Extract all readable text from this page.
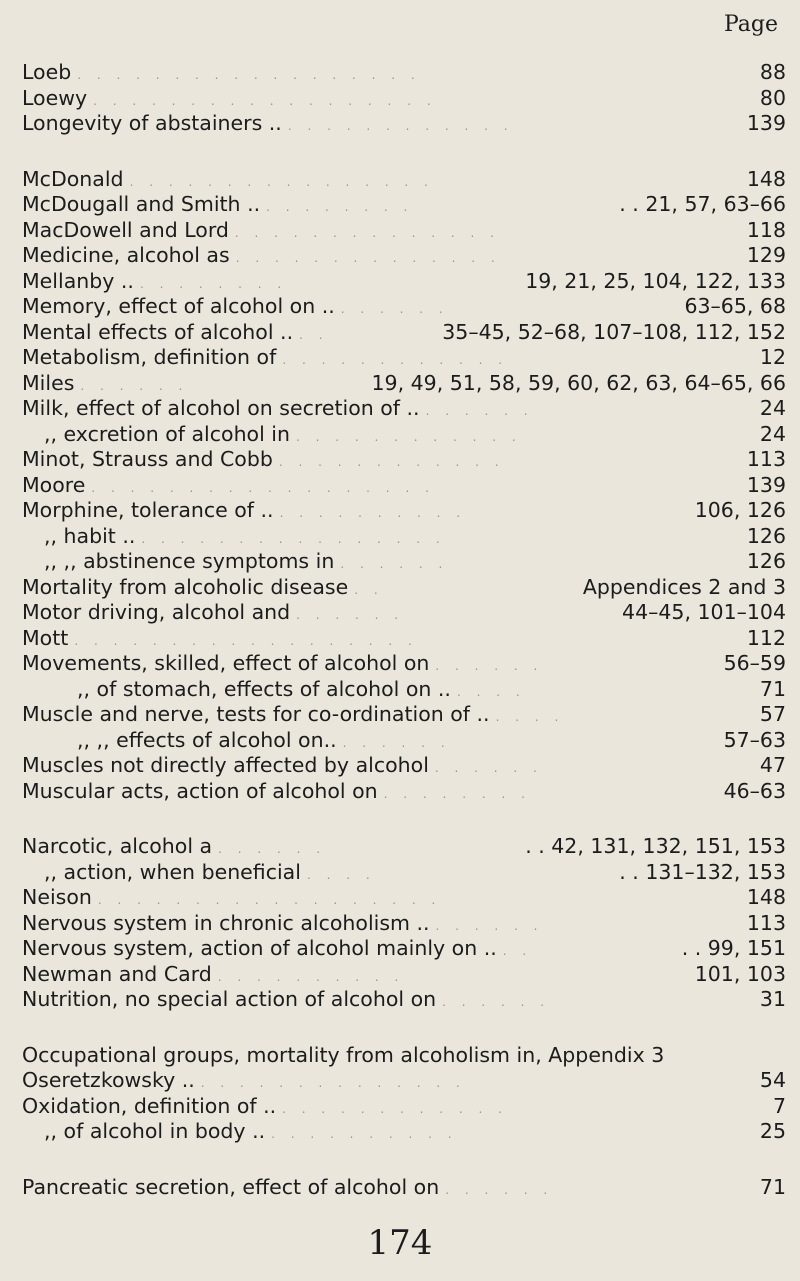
Page
Loeb . . . . . . . . . . . . . . . . . .	88
Loewy . . . . . . . . . . . . . . . . . .	80
Longevity of abstainers .. . . . . . . . . . . . .	139
McDonald . . . . . . . . . . . . . . . .	148
McDougall and Smith .. . . . . . . . .	. . 21, 57, 63–66
MacDowell and Lord . . . . . . . . . . . . . .	118
Medicine, alcohol as . . . . . . . . . . . . . .	129
Mellanby .. . . . . . . . .	19, 21, 25, 104, 122, 133
Memory, effect of alcohol on .. . . . . . .	63–65, 68
Mental effects of alcohol .. . .	35–45, 52–68, 107–108, 112, 152
Metabolism, definition of . . . . . . . . . . . .	12
Miles . . . . . .	19, 49, 51, 58, 59, 60, 62, 63, 64–65, 66
Milk, effect of alcohol on secretion of .. . . . . . .	24
,, excretion of alcohol in . . . . . . . . . . . .	24
Minot, Strauss and Cobb . . . . . . . . . . . .	113
Moore . . . . . . . . . . . . . . . . . .	139
Morphine, tolerance of .. . . . . . . . . . .	106, 126
,, habit .. . . . . . . . . . . . . . . . .	126
,, ,, abstinence symptoms in . . . . . .	126
Mortality from alcoholic disease . .	Appendices 2 and 3
Motor driving, alcohol and . . . . . .	44–45, 101–104
Mott . . . . . . . . . . . . . . . . . .	112
Movements, skilled, effect of alcohol on . . . . . .	56–59
,, of stomach, effects of alcohol on .. . . . .	71
Muscle and nerve, tests for co-ordination of .. . . . .	57
,, ,, effects of alcohol on.. . . . . . .	57–63
Muscles not directly affected by alcohol . . . . . .	47
Muscular acts, action of alcohol on . . . . . . . .	46–63
Narcotic, alcohol a . . . . . .	. . 42, 131, 132, 151, 153
,, action, when beneficial . . . .	. . 131–132, 153
Neison . . . . . . . . . . . . . . . . . .	148
Nervous system in chronic alcoholism .. . . . . . .	113
Nervous system, action of alcohol mainly on .. . .	. . 99, 151
Newman and Card . . . . . . . . . .	101, 103
Nutrition, no special action of alcohol on . . . . . .	31
Occupational groups, mortality from alcoholism in, Appendix 3
Oseretzkowsky .. . . . . . . . . . . . . . .	54
Oxidation, definition of .. . . . . . . . . . . . .	7
,, of alcohol in body .. . . . . . . . . . .	25
Pancreatic secretion, effect of alcohol on . . . . . .	71
174
